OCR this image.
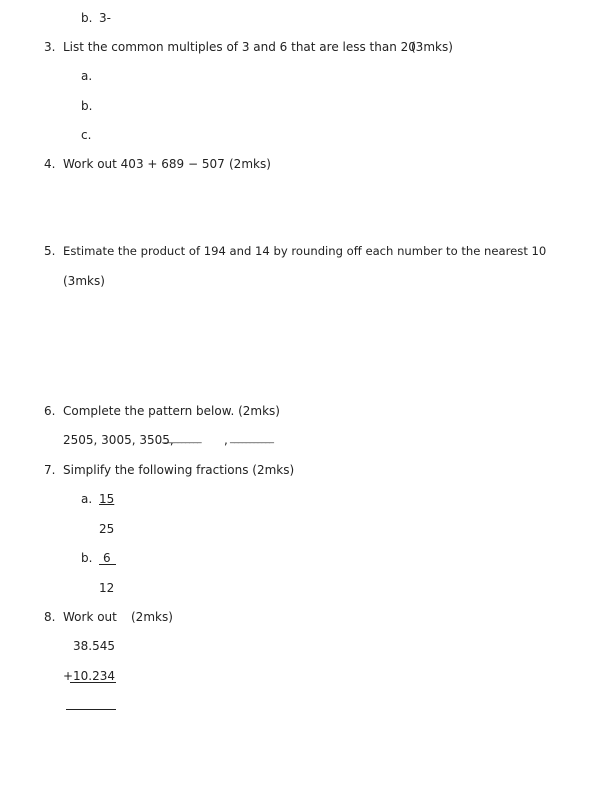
b. 3-
3. List the common multiples of 3 and 6 that are less than 20
(3mks)
a.
b.
c.
4. Work out 403 + 689 − 507 (2mks)
5. Estimate the product of 194 and 14 by rounding off each number to the nearest 10
(3mks)
6. Complete the pattern below. (2mks)
2505, 3005, 3505,
__________ , ___________
7. Simplify the following fractions (2mks)
a. 15
25
b. 6
12
8. Work out (2mks)
38.545
+ 10.234
